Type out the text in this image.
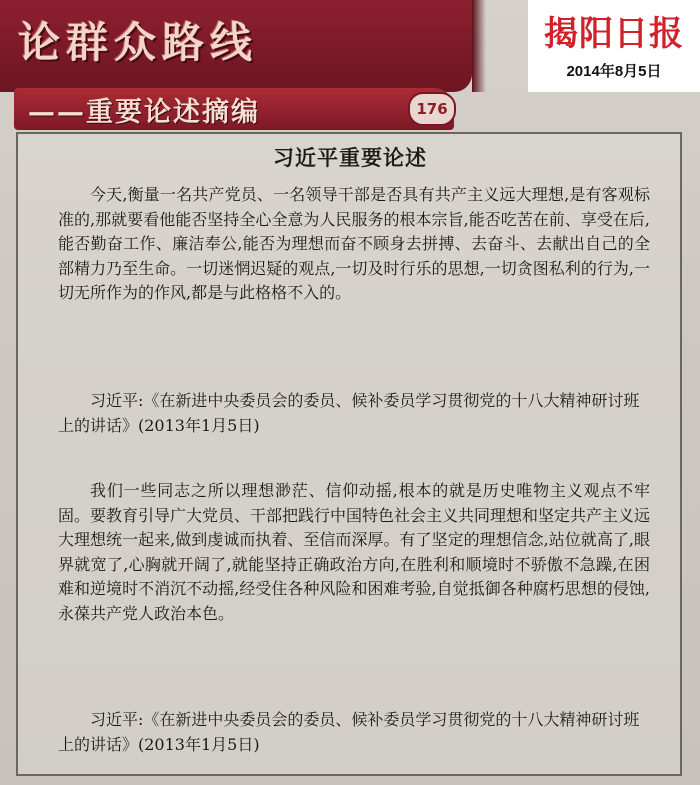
论群众路线
——重要论述摘编	176
揭阳日报
2014年8月5日
习近平重要论述
今天,衡量一名共产党员、一名领导干部是否具有共产主义远大理想,是有客观标准的,那就要看他能否坚持全心全意为人民服务的根本宗旨,能否吃苦在前、享受在后,能否勤奋工作、廉洁奉公,能否为理想而奋不顾身去拼搏、去奋斗、去献出自己的全部精力乃至生命。一切迷惘迟疑的观点,一切及时行乐的思想,一切贪图私利的行为,一切无所作为的作风,都是与此格格不入的。
习近平:《在新进中央委员会的委员、候补委员学习贯彻党的十八大精神研讨班上的讲话》(2013年1月5日)
我们一些同志之所以理想渺茫、信仰动摇,根本的就是历史唯物主义观点不牢固。要教育引导广大党员、干部把践行中国特色社会主义共同理想和坚定共产主义远大理想统一起来,做到虔诚而执着、至信而深厚。有了坚定的理想信念,站位就高了,眼界就宽了,心胸就开阔了,就能坚持正确政治方向,在胜利和顺境时不骄傲不急躁,在困难和逆境时不消沉不动摇,经受住各种风险和困难考验,自觉抵御各种腐朽思想的侵蚀,永葆共产党人政治本色。
习近平:《在新进中央委员会的委员、候补委员学习贯彻党的十八大精神研讨班上的讲话》(2013年1月5日)
